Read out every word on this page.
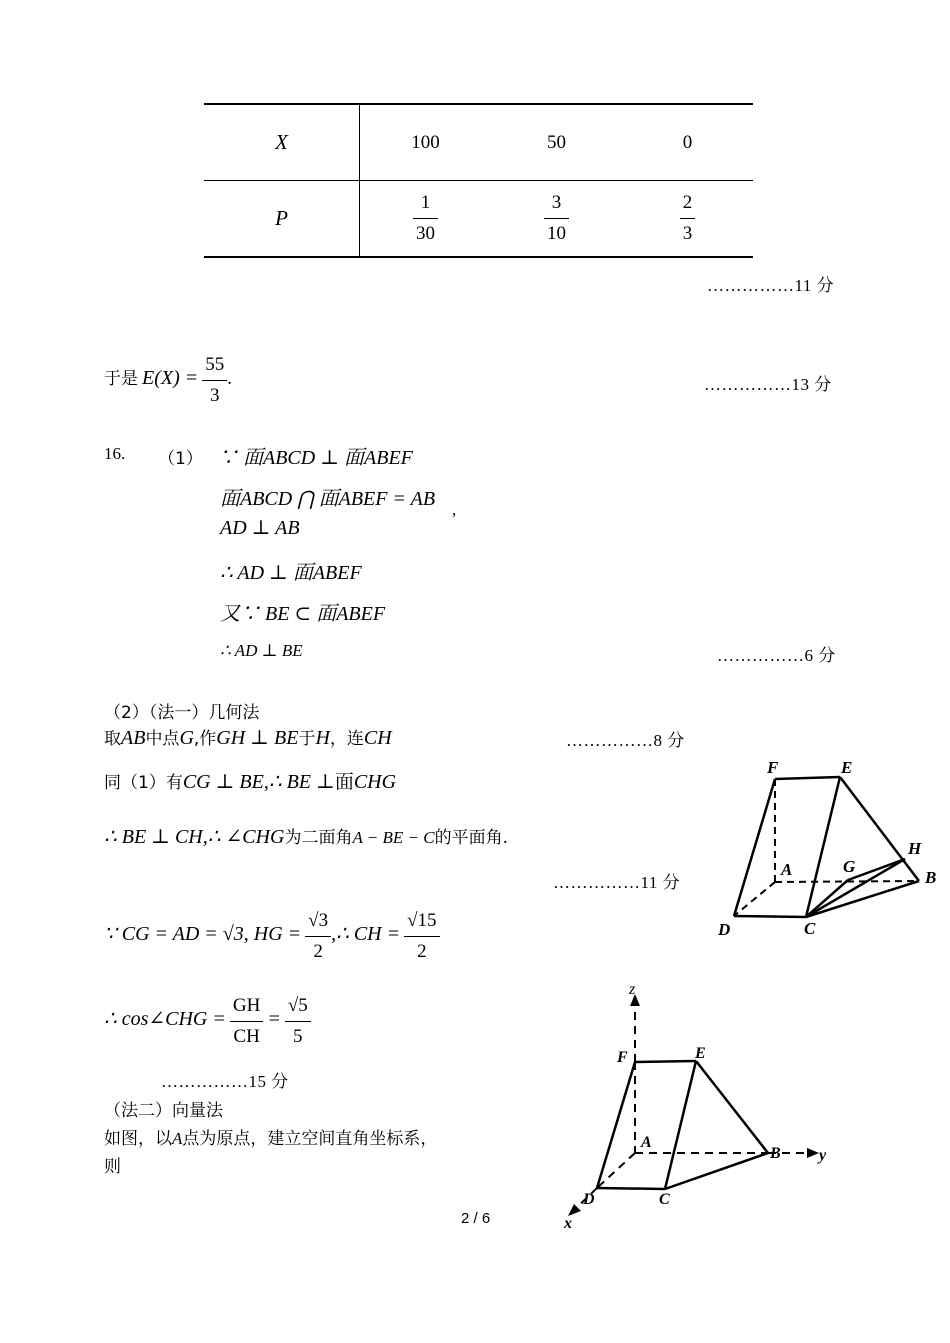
X	100	50	0
P	$\frac{1}{30}$	$\frac{3}{10}$	$\frac{2}{3}$
……………11 分
于是 $E(X) = \frac{55}{3}$ .	……………13 分
16. （1） ∵ 面ABCD ⊥ 面ABEF
面ABCD ⋂ 面ABEF = AB ,
AD ⊥ AB
∴ AD ⊥ 面ABEF
又∵ BE ⊂ 面ABEF
∴ AD ⊥ BE	……………6 分
（2）（法一）几何法
取AB中点G,作GH ⊥ BE于H，连CH	……………8 分
同（1）有CG ⊥ BE,∴ BE ⊥面CHG
∴ BE ⊥ CH,∴ ∠CHG为二面角A − BE − C的平面角.
……………11 分
∵ CG = AD = √3, HG = $\frac{√3}{2}$ ,∴ CH = $\frac{√15}{2}$
∴ cos∠CHG = $\frac{GH}{CH} = \frac{√5}{5}$
……………15 分
（法二）向量法
如图，以A点为原点，建立空间直角坐标系，
则
F	E
A	G
H
B
D	C
z
F	E
A
B y
D	C
x
2 / 6
